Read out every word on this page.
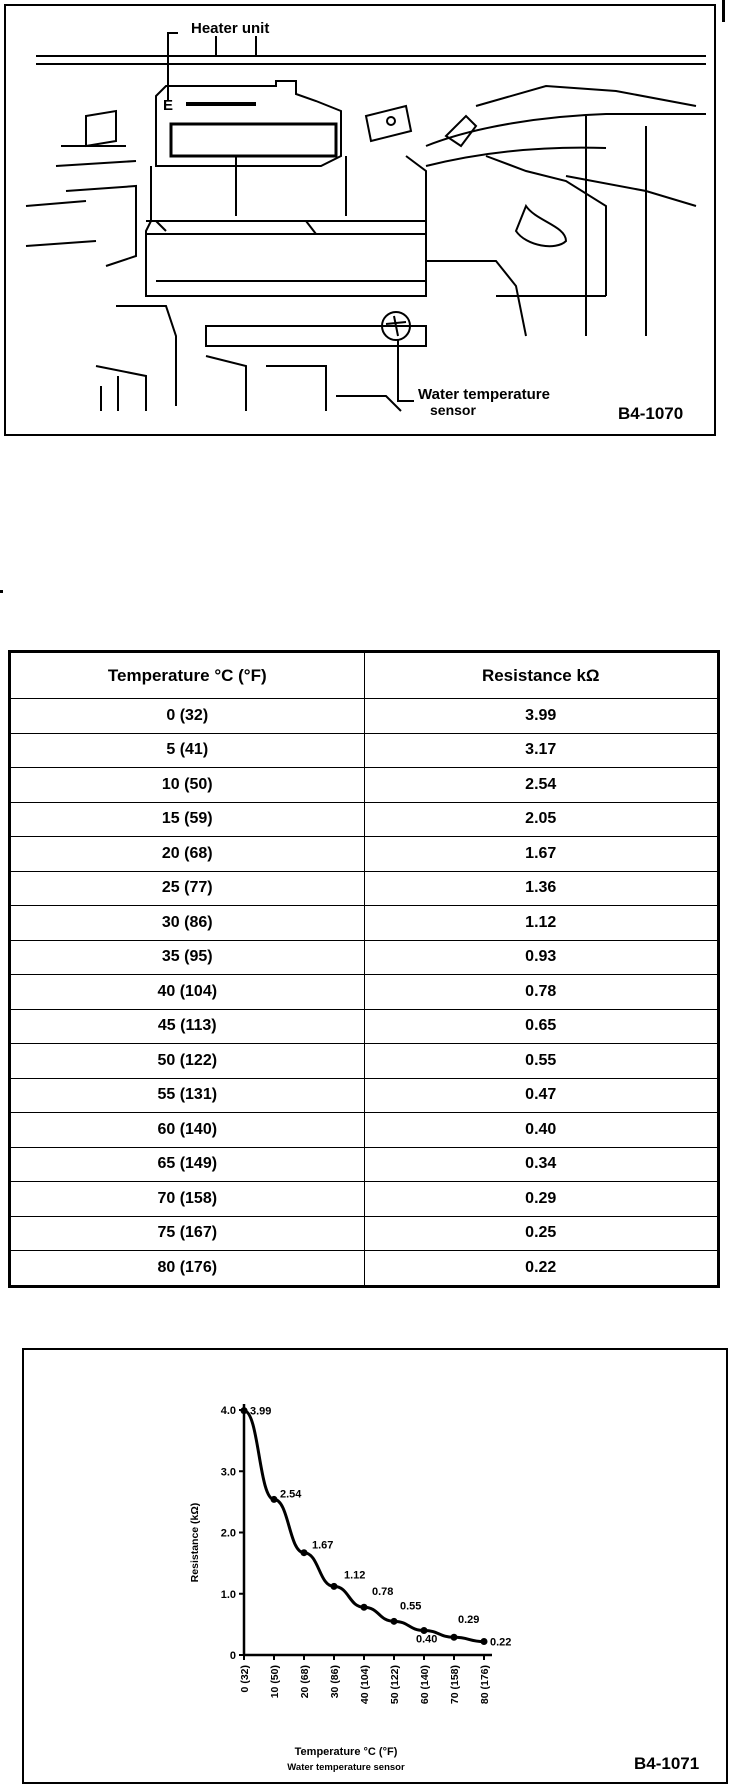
E
Heater unit
Water temperature
sensor	B4-1070
Temperature °C (°F)	Resistance kΩ
0 (32)	3.99
5 (41)	3.17
10 (50)	2.54
15 (59)	2.05
20 (68)	1.67
25 (77)	1.36
30 (86)	1.12
35 (95)	0.93
40 (104)	0.78
45 (113)	0.65
50 (122)	0.55
55 (131)	0.47
60 (140)	0.40
65 (149)	0.34
70 (158)	0.29
75 (167)	0.25
80 (176)	0.22
0
1.0
2.0
3.0
4.0
0 (32) 10 (50) 20 (68) 30 (86) 40 (104) 50 (122) 60 (140) 70 (158) 80 (176)
Temperature °C (°F)
Water temperature sensor
Resistance (kΩ)
3.99
2.54
1.67
1.12
0.78
0.55
0.40
0.29
0.22
B4-1071
